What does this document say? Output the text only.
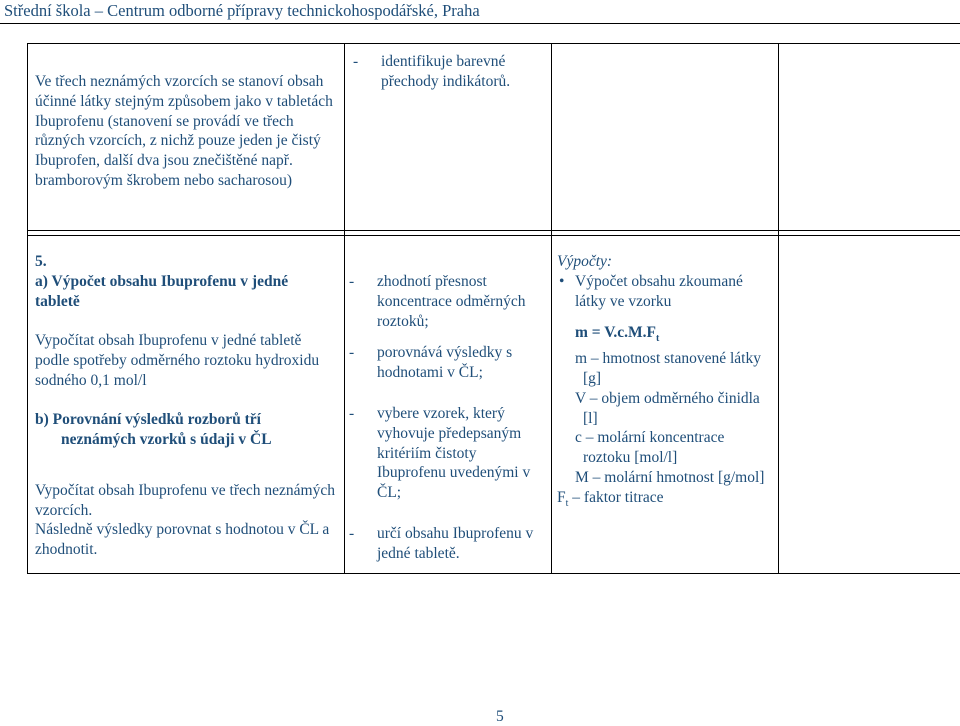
Střední škola – Centrum odborné přípravy technickohospodářské, Praha

Ve třech neznámých vzorcích se stanoví obsah účinné látky stejným způsobem jako v tabletách Ibuprofenu (stanovení se provádí ve třech různých vzorcích, z nichž pouze jeden je čistý Ibuprofen, další dva jsou znečištěné např. bramborovým škrobem nebo sacharosou)

- identifikuje barevné přechody indikátorů.

5.

a) Výpočet obsahu Ibuprofenu v jedné tabletě

Vypočítat obsah Ibuprofenu v jedné tabletě podle spotřeby odměrného roztoku hydroxidu sodného 0,1 mol/l

b) Porovnání výsledků rozborů tří

neznámých vzorků s údaji v ČL

Vypočítat obsah Ibuprofenu ve třech neznámých vzorcích.

Následně výsledky porovnat s hodnotou v ČL a zhodnotit.

- zhodnotí přesnost koncentrace odměrných roztoků;
- porovnává výsledky s hodnotami v ČL;
- vybere vzorek, který vyhovuje předepsaným kritériím čistoty Ibuprofenu uvedenými v ČL;
- určí obsahu Ibuprofenu v jedné tabletě.

Výpočty:

• Výpočet obsahu zkoumané látky ve vzorku

$m = V.c.M.F_t$

m – hmotnost stanovené látky [g]

V – objem odměrného činidla [l]

c – molární koncentrace roztoku [mol/l]

M – molární hmotnost [g/mol]

$F_t$ – faktor titrace

5
